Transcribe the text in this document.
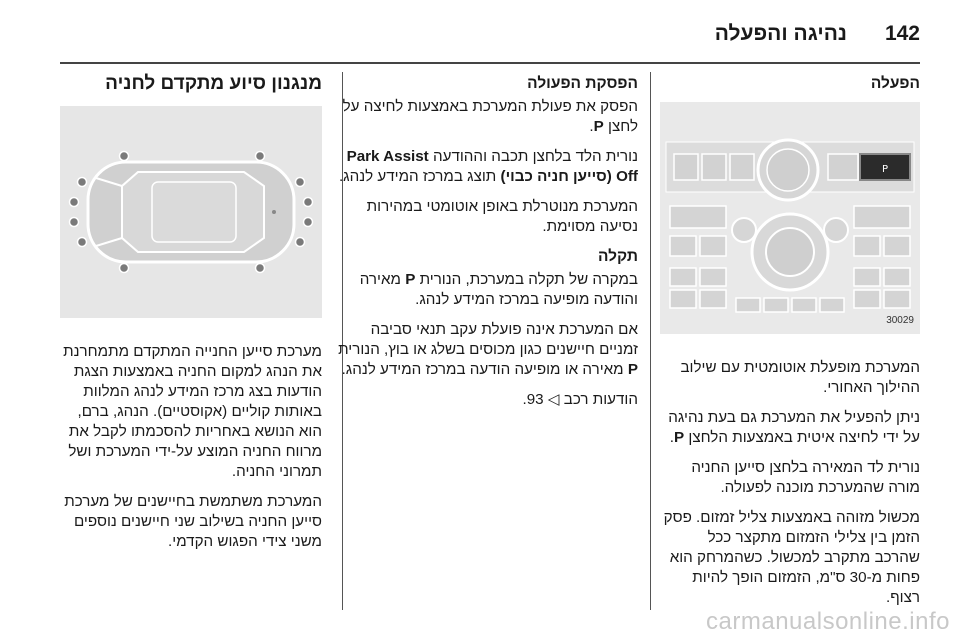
142
נהיגה והפעלה
הפעלה
P
30029

המערכת מופעלת אוטומטית עם שילוב ההילוך האחורי.

ניתן להפעיל את המערכת גם בעת נהיגה על ידי לחיצה איטית באמצעות הלחצן P.

נורית לד המאירה בלחצן סייען החניה מורה שהמערכת מוכנה לפעולה.

מכשול מזוהה באמצעות צליל זמזום. פסק הזמן בין צלילי הזמזום מתקצר ככל שהרכב מתקרב למכשול. כשהמרחק הוא פחות מ-30 ס"מ, הזמזום הופך להיות רצוף.

הפסקת הפעולה

הפסק את פעולת המערכת באמצעות לחיצה על לחצן P.

נורית הלד בלחצן תכבה וההודעה Park Assist Off (סייען חניה כבוי) תוצג במרכז המידע לנהג.

המערכת מנוטרלת באופן אוטומטי במהירות נסיעה מסוימת.

תקלה

במקרה של תקלה במערכת, הנורית P מאירה והודעה מופיעה במרכז המידע לנהג.

אם המערכת אינה פועלת עקב תנאי סביבה זמניים חיישנים כגון מכוסים בשלג או בוץ, הנורית P מאירה או מופיעה הודעה במרכז המידע לנהג.

הודעות רכב ◁ 93.

מנגנון סיוע מתקדם לחניה

מערכת סייען החנייה המתקדם מתמחרנת את הנהג למקום החניה באמצעות הצגת הודעות בצג מרכז המידע לנהג המלוות באותות קוליים (אקוסטיים). הנהג, ברם, הוא הנושא באחריות להסכמתו לקבל את מרווח החניה המוצע על-ידי המערכת ושל תמרוני החניה.

המערכת משתמשת בחיישנים של מערכת סייען החניה בשילוב שני חיישנים נוספים משני צידי הפגוש הקדמי.

carmanualsonline.info
